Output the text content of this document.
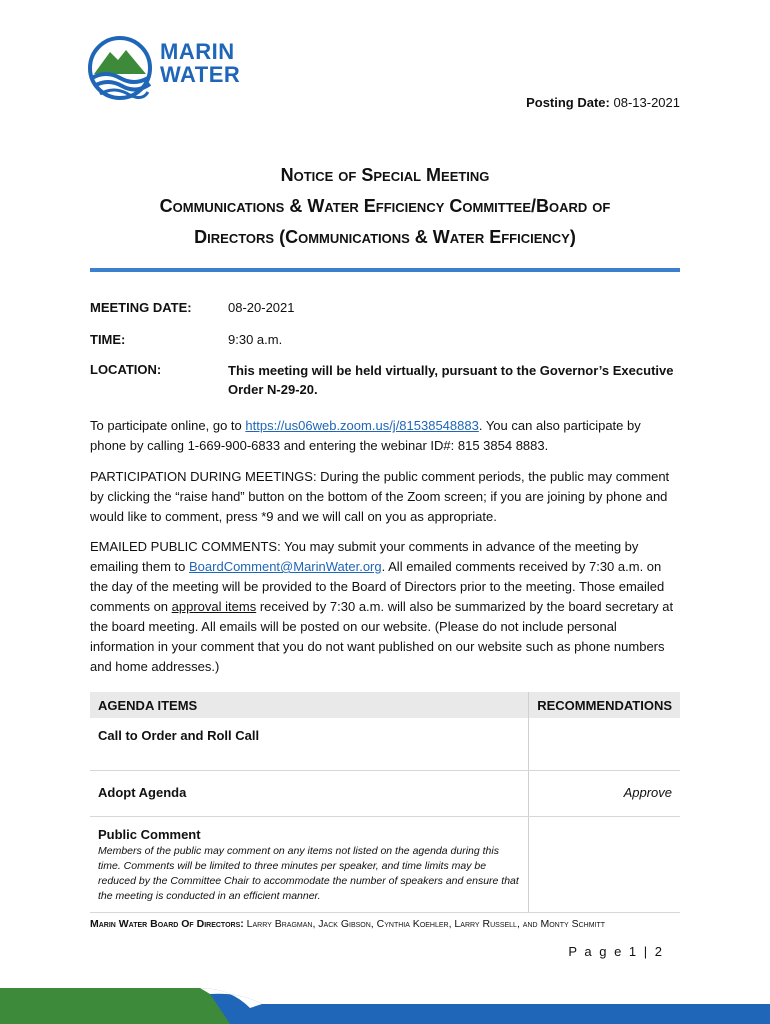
MARIN
WATER
Posting Date: 08-13-2021
Notice of Special Meeting
Communications & Water Efficiency Committee/Board of
Directors (Communications & Water Efficiency)
MEETING DATE:	08-20-2021
TIME:	9:30 a.m.
LOCATION:	This meeting will be held virtually, pursuant to the Governor’s Executive Order N-29-20.
To participate online, go to https://us06web.zoom.us/j/81538548883. You can also participate by phone by calling 1-669-900-6833 and entering the webinar ID#: 815 3854 8883.
PARTICIPATION DURING MEETINGS: During the public comment periods, the public may comment by clicking the “raise hand” button on the bottom of the Zoom screen; if you are joining by phone and would like to comment, press *9 and we will call on you as appropriate.
EMAILED PUBLIC COMMENTS: You may submit your comments in advance of the meeting by emailing them to BoardComment@MarinWater.org. All emailed comments received by 7:30 a.m. on the day of the meeting will be provided to the Board of Directors prior to the meeting. Those emailed comments on approval items received by 7:30 a.m. will also be summarized by the board secretary at the board meeting. All emails will be posted on our website. (Please do not include personal information in your comment that you do not want published on our website such as phone numbers and home addresses.)
AGENDA ITEMS	RECOMMENDATIONS
Call to Order and Roll Call	
Adopt Agenda	Approve

Public Comment
Members of the public may comment on any items not listed on the agenda during this time. Comments will be limited to three minutes per speaker, and time limits may be reduced by the Committee Chair to accommodate the number of speakers and ensure that the meeting is conducted in an efficient manner.	

Marin Water Board Of Directors: Larry Bragman, Jack Gibson, Cynthia Koehler, Larry Russell, and Monty Schmitt
P a g e 1 | 2
